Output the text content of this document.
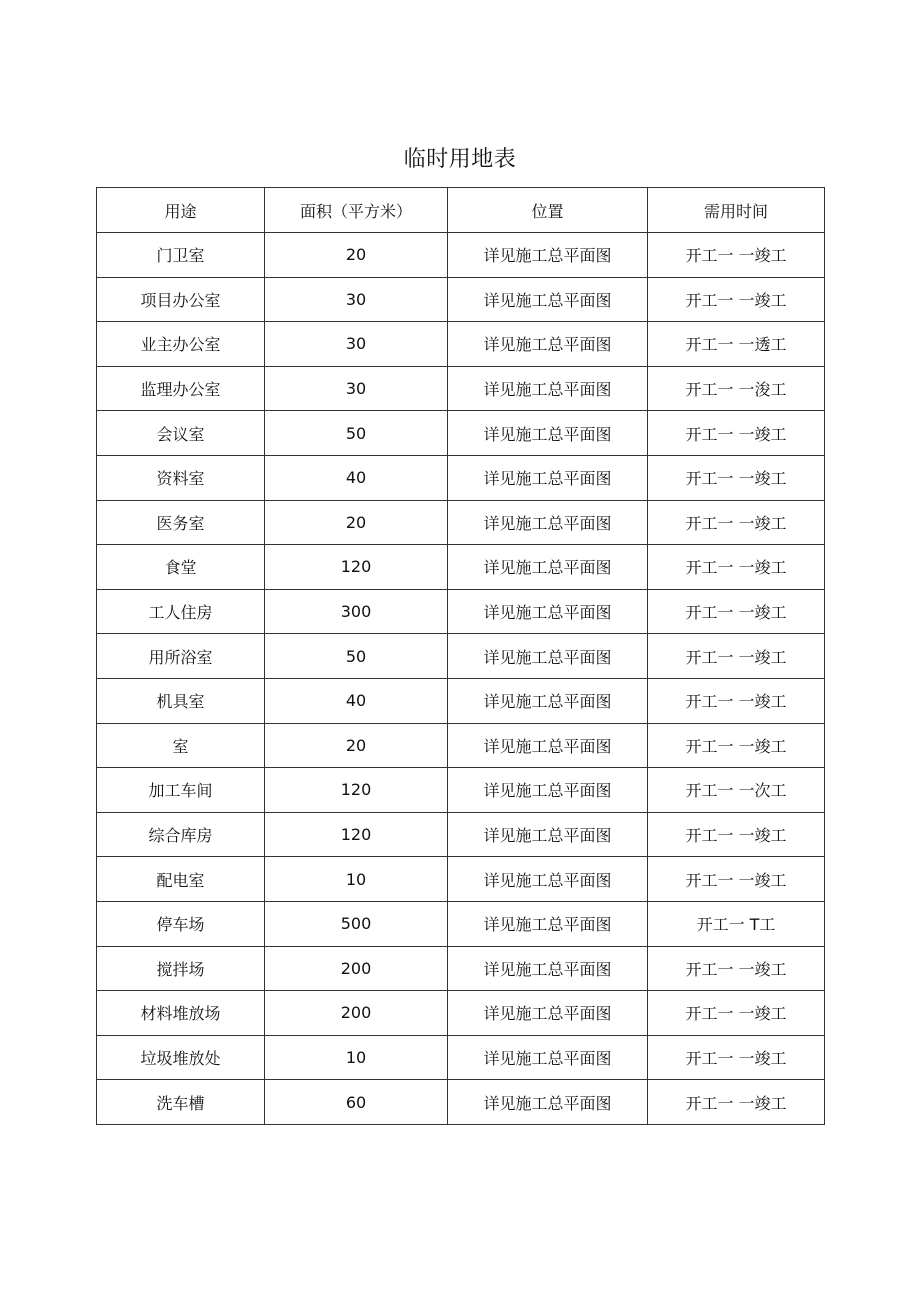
临时用地表
用途	面积（平方米）	位置	需用时间
门卫室	20	详见施工总平面图	开工一 一竣工
项目办公室	30	详见施工总平面图	开工一 一竣工
业主办公室	30	详见施工总平面图	开工一 一透工
监理办公室	30	详见施工总平面图	开工一 一浚工
会议室	50	详见施工总平面图	开工一 一竣工
资料室	40	详见施工总平面图	开工一 一竣工
医务室	20	详见施工总平面图	开工一 一竣工
食堂	120	详见施工总平面图	开工一 一竣工
工人住房	300	详见施工总平面图	开工一 一竣工
用所浴室	50	详见施工总平面图	开工一 一竣工
机具室	40	详见施工总平面图	开工一 一竣工
室	20	详见施工总平面图	开工一 一竣工
加工车间	120	详见施工总平面图	开工一 一次工
综合库房	120	详见施工总平面图	开工一 一竣工
配电室	10	详见施工总平面图	开工一 一竣工
停车场	500	详见施工总平面图	开工一 T工
搅拌场	200	详见施工总平面图	开工一 一竣工
材料堆放场	200	详见施工总平面图	开工一 一竣工
垃圾堆放处	10	详见施工总平面图	开工一 一竣工
洗车槽	60	详见施工总平面图	开工一 一竣工
